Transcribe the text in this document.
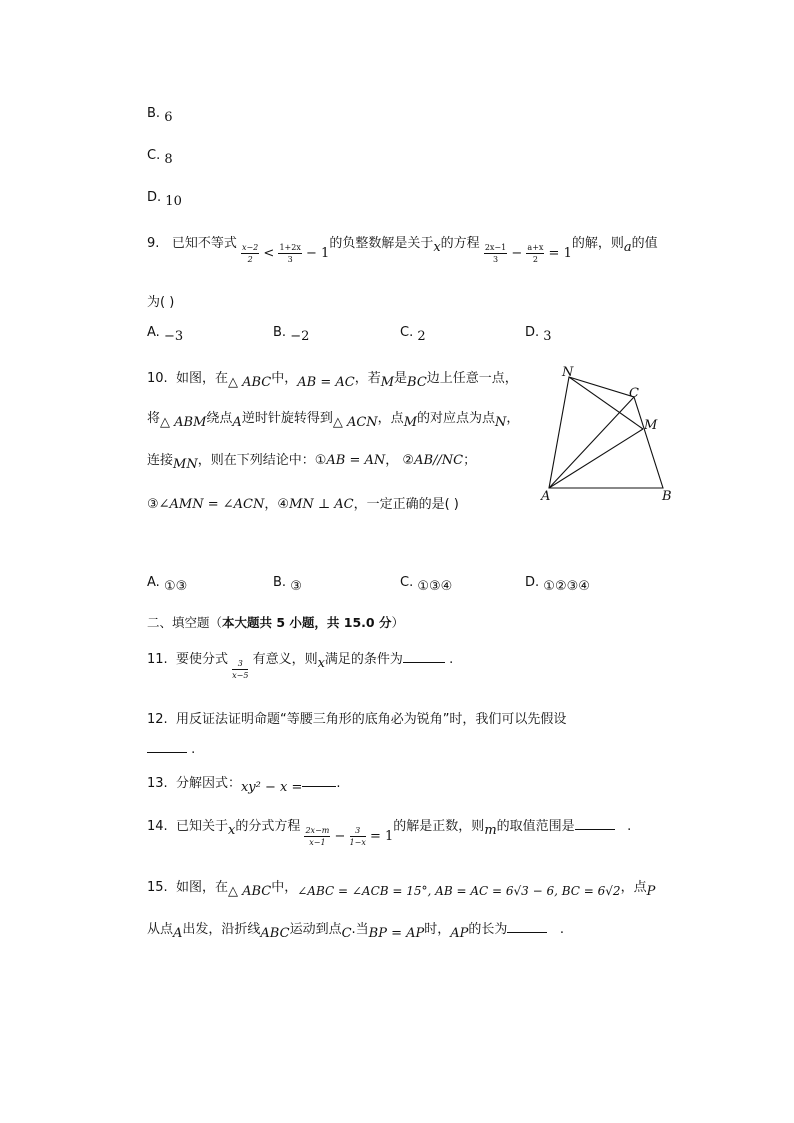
B. 6
C. 8
D. 10
9. 已知不等式 $\frac{x-2}{2} < \frac{1+2x}{3} - 1$的负整数解是关于x的方程 $\frac{2x-1}{3} - \frac{a+x}{2} = 1$的解，则a的值
为( )
A. −3	B. −2	C. 2	D. 3
10. 如图，在△ ABC中，AB = AC，若M是BC边上任意一点，
将△ ABM绕点A逆时针旋转得到△ ACN，点M的对应点为点N，
连接MN，则在下列结论中：①AB = AN， ②AB//NC；
③∠AMN = ∠ACN，④MN ⊥ AC，一定正确的是( )
N
C
M
A	B
A. ①③	B. ③	C. ①③④	D. ①②③④
二、填空题（本大题共 5 小题，共 15.0 分）
11. 要使分式 $\frac{3}{x-5}$ 有意义，则x满足的条件为	.
12. 用反证法证明命题“等腰三角形的底角必为锐角”时，我们可以先假设
.
13. 分解因式：xy² − x =	.
14. 已知关于x的分式方程 $\frac{2x-m}{x-1} - \frac{3}{1-x} = 1$的解是正数，则m的取值范围是	.
15. 如图，在△ ABC中，∠ABC = ∠ACB = 15°, AB = AC = 6√3 − 6, BC = 6√2，点P
从点A出发，沿折线ABC运动到点C.当BP = AP时，AP的长为	.
